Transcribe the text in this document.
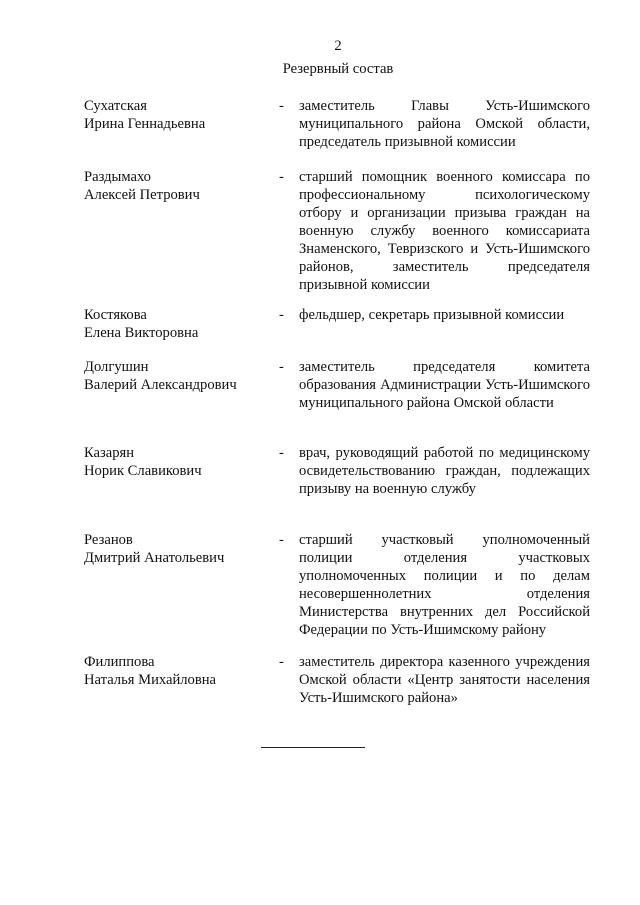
2
Резервный состав
Сухатская
Ирина Геннадьевна
- заместитель Главы Усть-Ишимского муниципального района Омской области, председатель призывной комиссии
Раздымахо
Алексей Петрович
- старший помощник военного комиссара по профессиональному психологическому отбору и организации призыва граждан на военную службу военного комиссариата Знаменского, Тевризского и Усть-Ишимского районов, заместитель председателя призывной комиссии
Костякова
Елена Викторовна
- фельдшер, секретарь призывной комиссии
Долгушин
Валерий Александрович
- заместитель председателя комитета образования Администрации Усть-Ишимского муниципального района Омской области
Казарян
Норик Славикович
- врач, руководящий работой по медицинскому освидетельствованию граждан, подлежащих призыву на военную службу
Резанов
Дмитрий Анатольевич
- старший участковый уполномоченный полиции отделения участковых уполномоченных полиции и по делам несовершеннолетних отделения Министерства внутренних дел Российской Федерации по Усть-Ишимскому району
Филиппова
Наталья Михайловна
- заместитель директора казенного учреждения Омской области «Центр занятости населения Усть-Ишимского района»
